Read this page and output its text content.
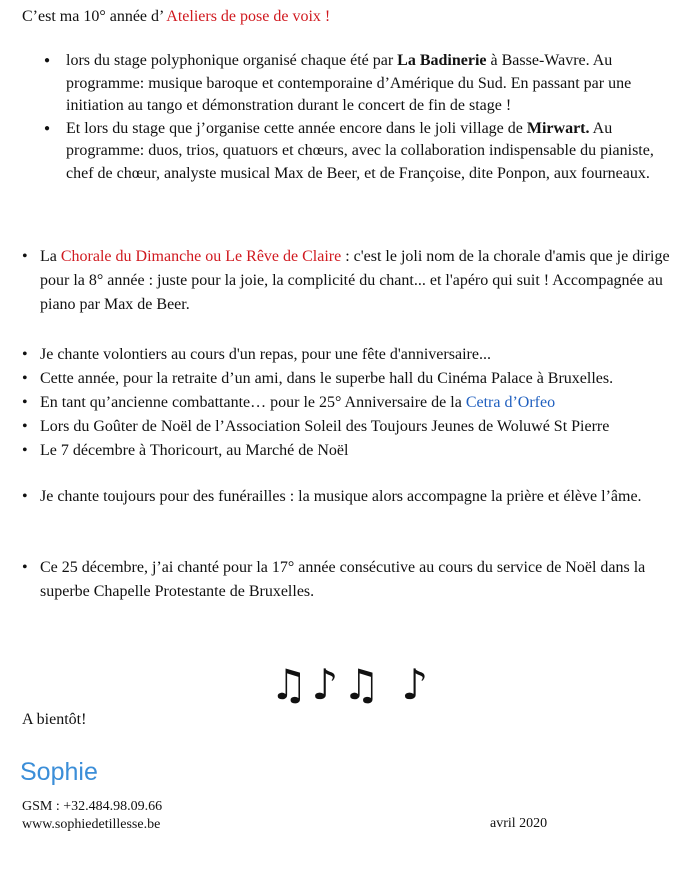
C’est ma 10° année d’ Ateliers de pose de voix !
● lors du stage polyphonique organisé chaque été par La Badinerie à Basse-Wavre. Au programme: musique baroque et contemporaine d’Amérique du Sud. En passant par une initiation au tango et démonstration durant le concert de fin de stage !
● Et lors du stage que j’organise cette année encore dans le joli village de Mirwart. Au programme: duos, trios, quatuors et chœurs, avec la collaboration indispensable du pianiste, chef de chœur, analyste musical Max de Beer, et de Françoise, dite Ponpon, aux fourneaux.
• La Chorale du Dimanche ou Le Rêve de Claire : c'est le joli nom de la chorale d'amis que je dirige pour la 8° année : juste pour la joie, la complicité du chant... et l'apéro qui suit ! Accompagnée au piano par Max de Beer.
• Je chante volontiers au cours d'un repas, pour une fête d'anniversaire...
• Cette année, pour la retraite d’un ami, dans le superbe hall du Cinéma Palace à Bruxelles.
• En tant qu’ancienne combattante… pour le 25° Anniversaire de la Cetra d’Orfeo
• Lors du Goûter de Noël de l’Association Soleil des Toujours Jeunes de Woluwé St Pierre
• Le 7 décembre à Thoricourt, au Marché de Noël
• Je chante toujours pour des funérailles : la musique alors accompagne la prière et élève l’âme.
• Ce 25 décembre, j’ai chanté pour la 17° année consécutive au cours du service de Noël dans la superbe Chapelle Protestante de Bruxelles.
♫♪♫ ♪
A bientôt!
Sophie
GSM : +32.484.98.09.66
www.sophiedetillesse.be	avril 2020
